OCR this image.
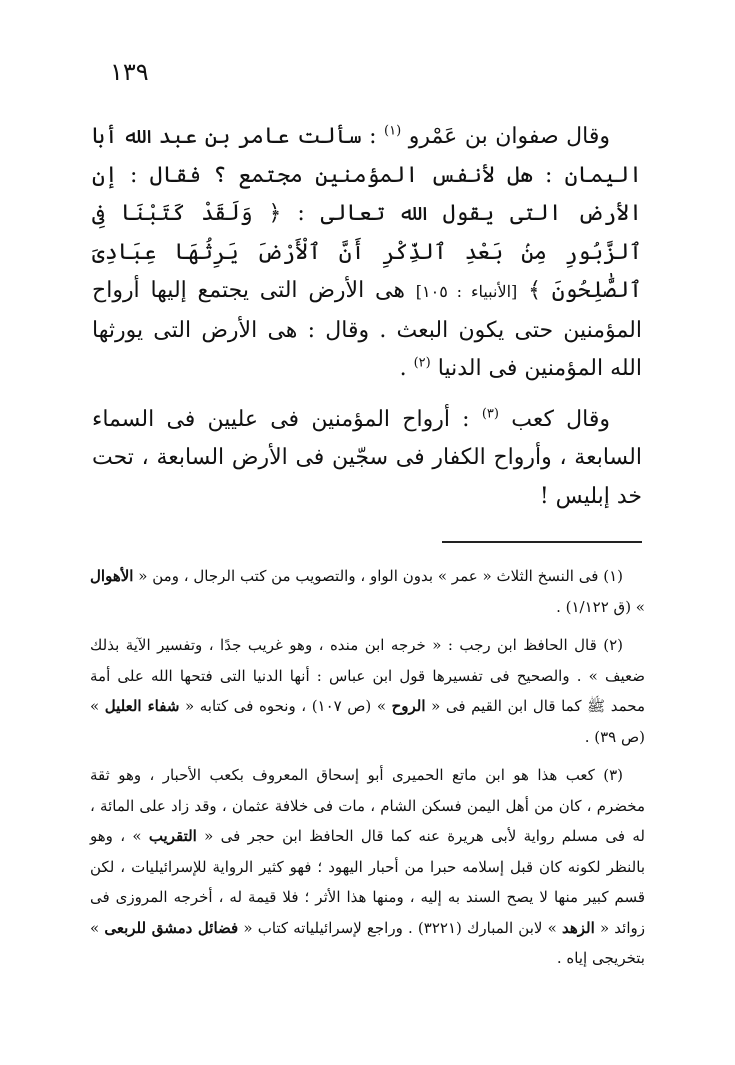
١٣٩

وقال صفوان بن عَمْرو $^{(١)}$ : سألت عامر بن عبد الله أبا اليمان : هل لأنفس المؤمنين مجتمع ؟ فقال : إن الأرض التى يقول الله تعالى : ﴿ وَلَقَدْ كَتَبْنَا فِى ٱلزَّبُورِ مِنۢ بَعْدِ ٱلذِّكْرِ أَنَّ ٱلْأَرْضَ يَرِثُهَا عِبَادِىَ ٱلصَّٰلِحُونَ ﴾ [الأنبياء : ١٠٥] هى الأرض التى يجتمع إليها أرواح المؤمنين حتى يكون البعث . وقال : هى الأرض التى يورثها الله المؤمنين فى الدنيا $^{(٢)}$ .

وقال كعب $^{(٣)}$ : أرواح المؤمنين فى عليين فى السماء السابعة ، وأرواح الكفار فى سجّين فى الأرض السابعة ، تحت خد إبليس !

(١) فى النسخ الثلاث « عمر » بدون الواو ، والتصويب من كتب الرجال ، ومن « الأهوال » (ق ١/١٢٢) .

(٢) قال الحافظ ابن رجب : « خرجه ابن منده ، وهو غريب جدًا ، وتفسير الآية بذلك ضعيف » . والصحيح فى تفسيرها قول ابن عباس : أنها الدنيا التى فتحها الله على أمة محمد ﷺ كما قال ابن القيم فى « الروح » (ص ١٠٧) ، ونحوه فى كتابه « شفاء العليل » (ص ٣٩) .

(٣) كعب هذا هو ابن ماتع الحميرى أبو إسحاق المعروف بكعب الأحبار ، وهو ثقة مخضرم ، كان من أهل اليمن فسكن الشام ، مات فى خلافة عثمان ، وقد زاد على المائة ، له فى مسلم رواية لأبى هريرة عنه كما قال الحافظ ابن حجر فى « التقريب » ، وهو بالنظر لكونه كان قبل إسلامه حبرا من أحبار اليهود ؛ فهو كثير الرواية للإسرائيليات ، لكن قسم كبير منها لا يصح السند به إليه ، ومنها هذا الأثر ؛ فلا قيمة له ، أخرجه المروزى فى زوائد « الزهد » لابن المبارك (٣٢٢١) . وراجع لإسرائيلياته كتاب « فضائل دمشق للربعى » بتخريجى إياه .
